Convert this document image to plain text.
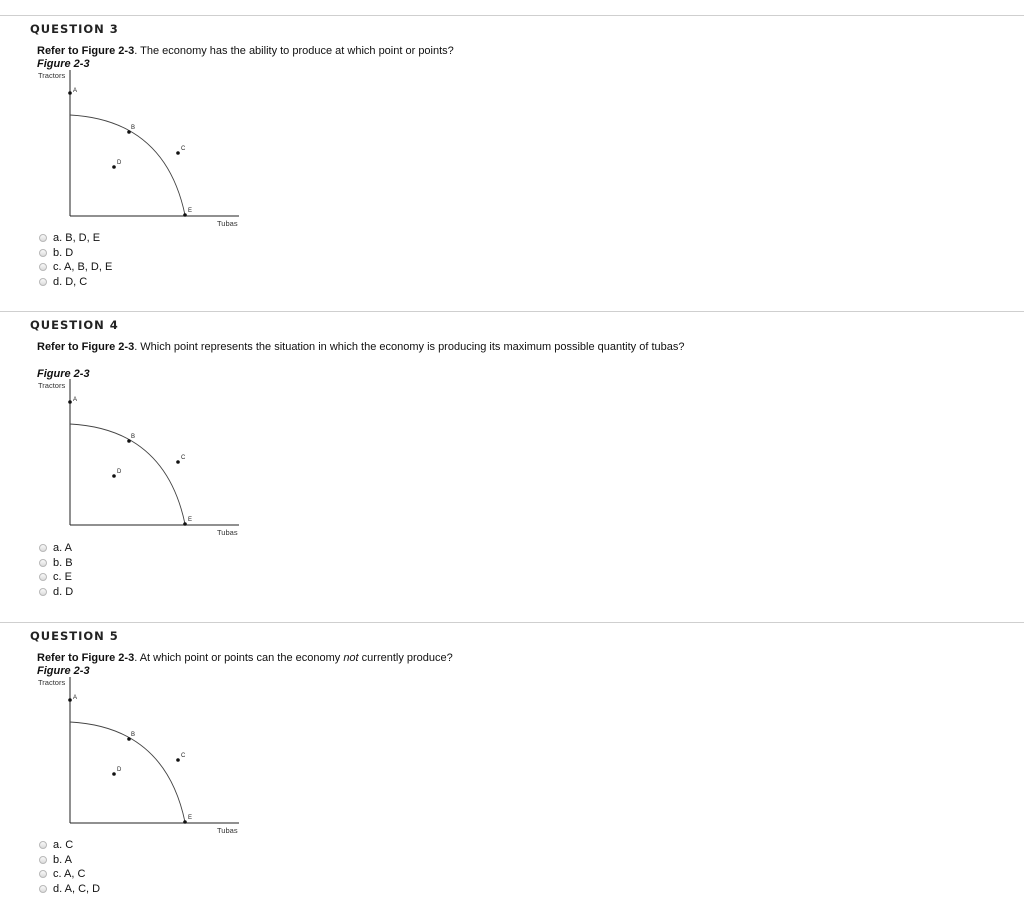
QUESTION 3
Refer to Figure 2-3. The economy has the ability to produce at which point or points?
Figure 2-3
Tractors
A
B
C
D
E
Tubas
a. B, D, E
b. D
c. A, B, D, E
d. D, C
QUESTION 4
Refer to Figure 2-3. Which point represents the situation in which the economy is producing its maximum possible quantity of tubas?
Figure 2-3
Tractors
A
B
C
D
E
Tubas
a. A
b. B
c. E
d. D
QUESTION 5
Refer to Figure 2-3. At which point or points can the economy not currently produce?
Figure 2-3
Tractors
A
B
C
D
E
Tubas
a. C
b. A
c. A, C
d. A, C, D
